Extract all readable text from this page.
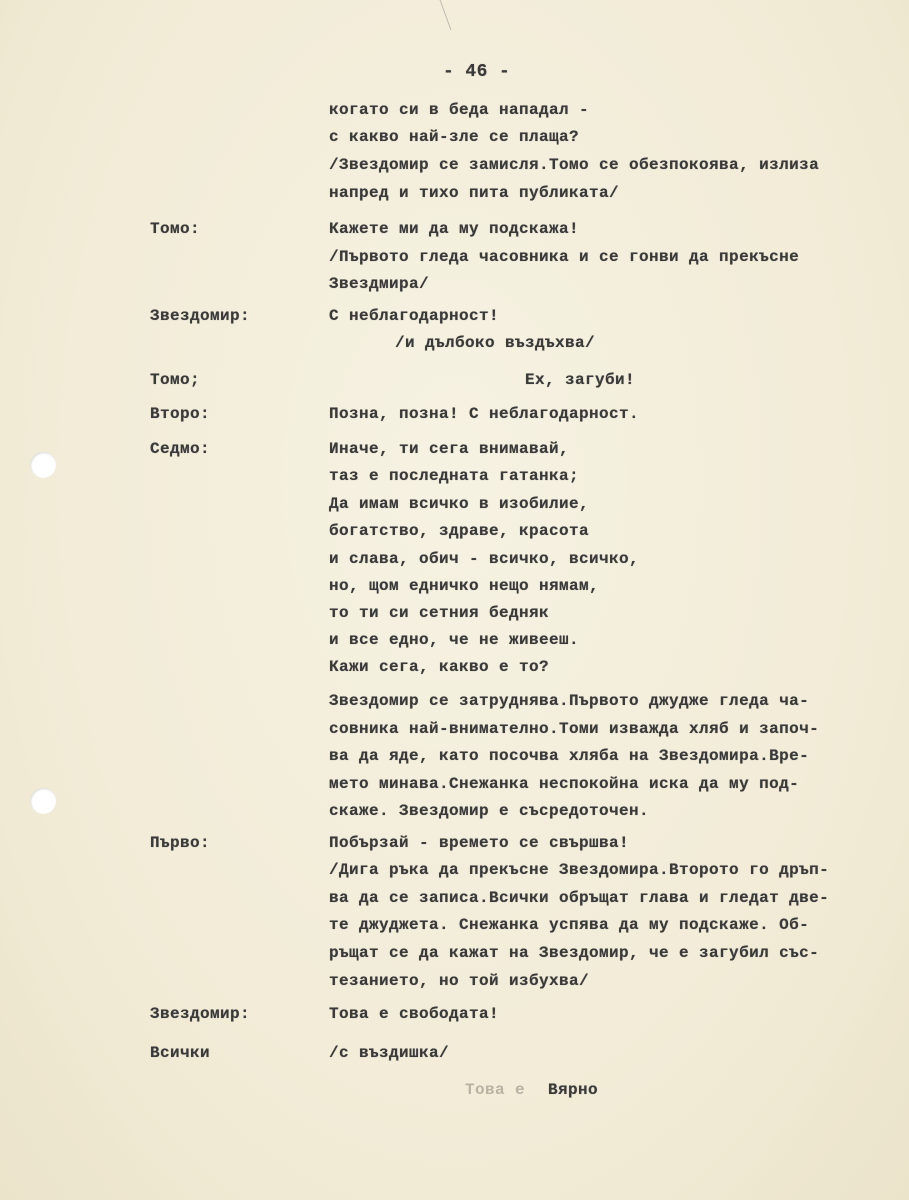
- 46 -
когато си в беда нападал -
с какво най-зле се плаща?
/Звездомир се замисля.Томо се обезпокоява, излиза
напред и тихо пита публиката/
Томо:	Кажете ми да му подскажа!
/Първото гледа часовника и се гонви да прекъсне
Звездмира/
Звездомир:	С неблагодарност!
/и дълбоко въздъхва/
Томо;	Ех, загуби!
Второ:	Позна, позна! С неблагодарност.
Седмо:	Иначе, ти сега внимавай,
таз е последната гатанка;
Да имам всичко в изобилие,
богатство, здраве, красота
и слава, обич - всичко, всичко,
но, щом едничко нещо нямам,
то ти си сетния бедняк
и все едно, че не живееш.
Кажи сега, какво е то?
Звездомир се затруднява.Първото джудже гледа ча-
совника най-внимателно.Томи изважда хляб и започ-
ва да яде, като посочва хляба на Звездомира.Вре-
мето минава.Снежанка неспокойна иска да му под-
скаже. Звездомир е съсредоточен.
Първо:	Побързай - времето се свършва!
/Дига ръка да прекъсне Звездомира.Второто го дръп-
ва да се записа.Всички обръщат глава и гледат две-
те джуджета. Снежанка успява да му подскаже. Об-
ръщат се да кажат на Звездомир, че е загубил със-
тезанието, но той избухва/
Звездомир:	Това е свободата!
Всички	/с въздишка/
Това е Вярно
